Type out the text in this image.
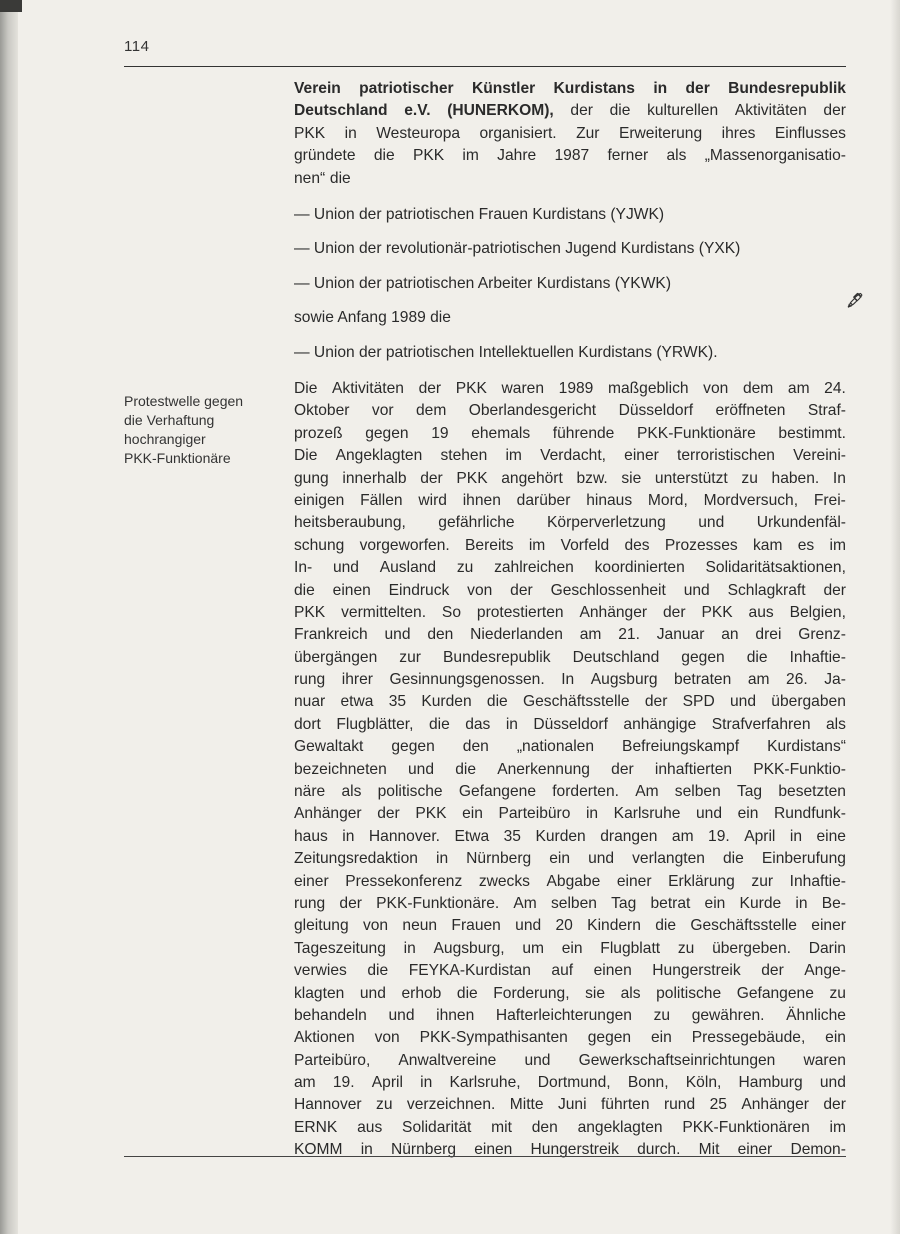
114
Protestwelle gegen
die Verhaftung
hochrangiger
PKK-Funktionäre
Verein patriotischer Künstler Kurdistans in der Bundesrepublik
Deutschland e.V. (HUNERKOM), der die kulturellen Aktivitäten der
PKK in Westeuropa organisiert. Zur Erweiterung ihres Einflusses
gründete die PKK im Jahre 1987 ferner als „Massenorganisatio-
nen“ die
— Union der patriotischen Frauen Kurdistans (YJWK)
— Union der revolutionär-patriotischen Jugend Kurdistans (YXK)
— Union der patriotischen Arbeiter Kurdistans (YKWK)
sowie Anfang 1989 die
— Union der patriotischen Intellektuellen Kurdistans (YRWK).
Die Aktivitäten der PKK waren 1989 maßgeblich von dem am 24.
Oktober vor dem Oberlandesgericht Düsseldorf eröffneten Straf-
prozeß gegen 19 ehemals führende PKK-Funktionäre bestimmt.
Die Angeklagten stehen im Verdacht, einer terroristischen Vereini-
gung innerhalb der PKK angehört bzw. sie unterstützt zu haben. In
einigen Fällen wird ihnen darüber hinaus Mord, Mordversuch, Frei-
heitsberaubung, gefährliche Körperverletzung und Urkundenfäl-
schung vorgeworfen. Bereits im Vorfeld des Prozesses kam es im
In- und Ausland zu zahlreichen koordinierten Solidaritätsaktionen,
die einen Eindruck von der Geschlossenheit und Schlagkraft der
PKK vermittelten. So protestierten Anhänger der PKK aus Belgien,
Frankreich und den Niederlanden am 21. Januar an drei Grenz-
übergängen zur Bundesrepublik Deutschland gegen die Inhaftie-
rung ihrer Gesinnungsgenossen. In Augsburg betraten am 26. Ja-
nuar etwa 35 Kurden die Geschäftsstelle der SPD und übergaben
dort Flugblätter, die das in Düsseldorf anhängige Strafverfahren als
Gewaltakt gegen den „nationalen Befreiungskampf Kurdistans“
bezeichneten und die Anerkennung der inhaftierten PKK-Funktio-
näre als politische Gefangene forderten. Am selben Tag besetzten
Anhänger der PKK ein Parteibüro in Karlsruhe und ein Rundfunk-
haus in Hannover. Etwa 35 Kurden drangen am 19. April in eine
Zeitungsredaktion in Nürnberg ein und verlangten die Einberufung
einer Pressekonferenz zwecks Abgabe einer Erklärung zur Inhaftie-
rung der PKK-Funktionäre. Am selben Tag betrat ein Kurde in Be-
gleitung von neun Frauen und 20 Kindern die Geschäftsstelle einer
Tageszeitung in Augsburg, um ein Flugblatt zu übergeben. Darin
verwies die FEYKA-Kurdistan auf einen Hungerstreik der Ange-
klagten und erhob die Forderung, sie als politische Gefangene zu
behandeln und ihnen Hafterleichterungen zu gewähren. Ähnliche
Aktionen von PKK-Sympathisanten gegen ein Pressegebäude, ein
Parteibüro, Anwaltvereine und Gewerkschaftseinrichtungen waren
am 19. April in Karlsruhe, Dortmund, Bonn, Köln, Hamburg und
Hannover zu verzeichnen. Mitte Juni führten rund 25 Anhänger der
ERNK aus Solidarität mit den angeklagten PKK-Funktionären im
KOMM in Nürnberg einen Hungerstreik durch. Mit einer Demon-
🖋︎
